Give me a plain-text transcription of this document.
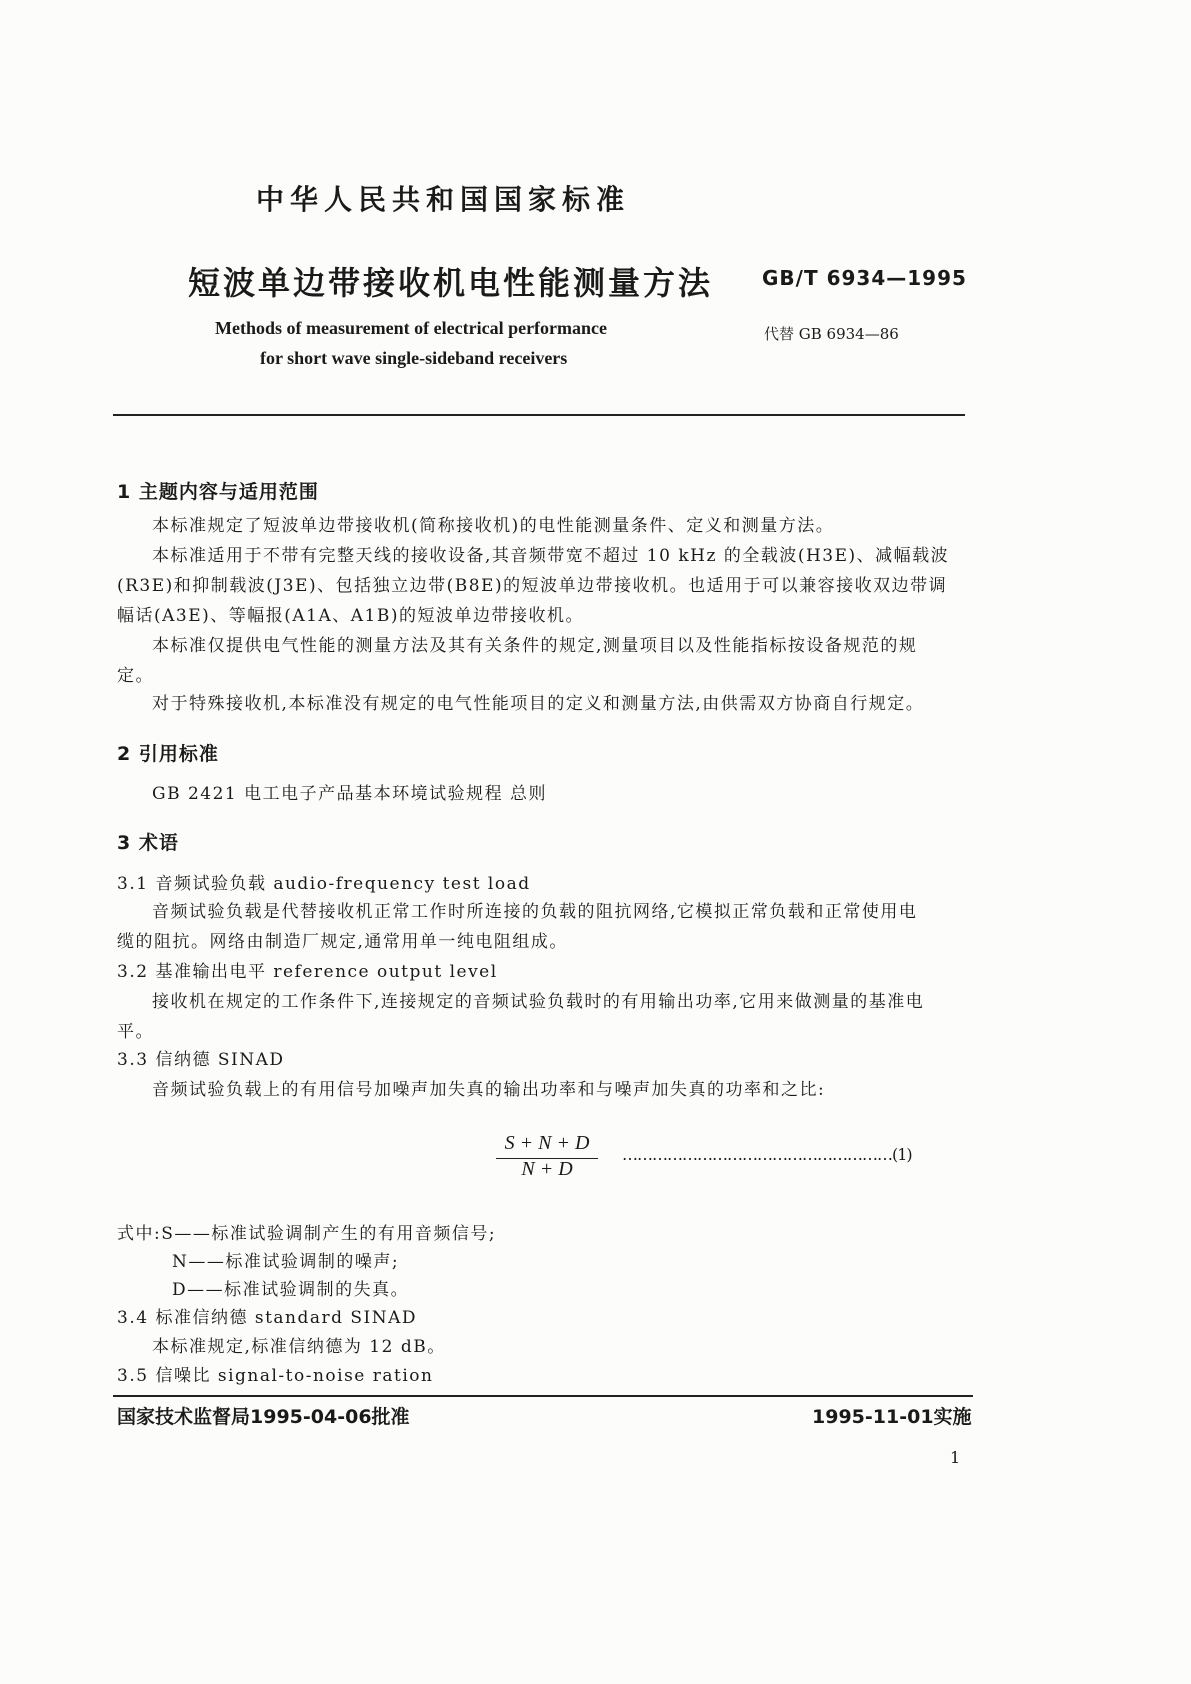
中华人民共和国国家标准
短波单边带接收机电性能测量方法 GB/T 6934—1995
Methods of measurement of electrical performance
for short wave single-sideband receivers
代替 GB 6934—86
1 主题内容与适用范围
本标准规定了短波单边带接收机(简称接收机)的电性能测量条件、定义和测量方法。
本标准适用于不带有完整天线的接收设备,其音频带宽不超过 10 kHz 的全载波(H3E)、减幅载波
(R3E)和抑制载波(J3E)、包括独立边带(B8E)的短波单边带接收机。也适用于可以兼容接收双边带调
幅话(A3E)、等幅报(A1A、A1B)的短波单边带接收机。
本标准仅提供电气性能的测量方法及其有关条件的规定,测量项目以及性能指标按设备规范的规
定。
对于特殊接收机,本标准没有规定的电气性能项目的定义和测量方法,由供需双方协商自行规定。
2 引用标准
GB 2421 电工电子产品基本环境试验规程 总则
3 术语
3.1 音频试验负载 audio-frequency test load
音频试验负载是代替接收机正常工作时所连接的负载的阻抗网络,它模拟正常负载和正常使用电
缆的阻抗。网络由制造厂规定,通常用单一纯电阻组成。
3.2 基准输出电平 reference output level
接收机在规定的工作条件下,连接规定的音频试验负载时的有用输出功率,它用来做测量的基准电
平。
3.3 信纳德 SINAD
音频试验负载上的有用信号加噪声加失真的输出功率和与噪声加失真的功率和之比:
S + N + D
N + D
………………………………………………(1)
式中:S——标准试验调制产生的有用音频信号;
N——标准试验调制的噪声;
D——标准试验调制的失真。
3.4 标准信纳德 standard SINAD
本标准规定,标准信纳德为 12 dB。
3.5 信噪比 signal-to-noise ration
国家技术监督局1995-04-06批准	1995-11-01实施
1
